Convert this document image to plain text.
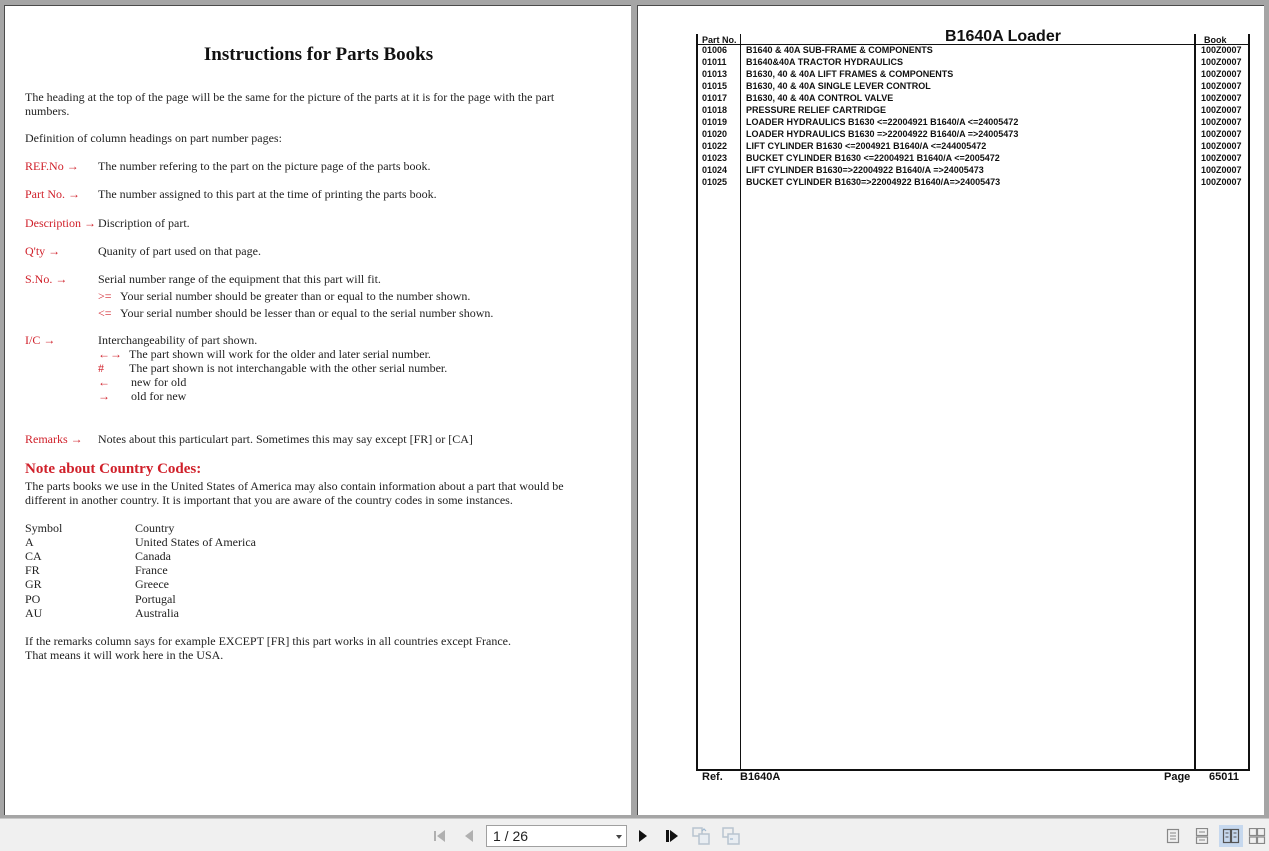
Instructions for Parts Books
The heading at the top of the page will be the same for the picture of the parts at it is for the page with the part numbers.
Definition of column headings on part number pages:
REF.No → The number refering to the part on the picture page of the parts book.
Part No. → The number assigned to this part at the time of printing the parts book.
Description → Discription of part.
Q'ty →	Quanity of part used on that page.
S.No. →	Serial number range of the equipment that this part will fit.
>= Your serial number should be greater than or equal to the number shown.
<= Your serial number should be lesser than or equal to the serial number shown.
I/C →	Interchangeability of part shown.
←→ The part shown will work for the older and later serial number.
# The part shown is not interchangable with the other serial number.
← new for old
→ old for new
Remarks → Notes about this particulart part. Sometimes this may say except [FR] or [CA]
Note about Country Codes:
The parts books we use in the United States of America may also contain information about a part that would be different in another country. It is important that you are aware of the country codes in some instances.
Symbol	Country
A	United States of America
CA	Canada
FR	France
GR	Greece
PO	Portugal
AU	Australia
If the remarks column says for example EXCEPT [FR] this part works in all countries except France.
That means it will work here in the USA.
B1640A Loader
Part No.	Book
01006 B1640 & 40A SUB-FRAME & COMPONENTS	100Z0007
01011 B1640&40A TRACTOR HYDRAULICS	100Z0007
01013 B1630, 40 & 40A LIFT FRAMES & COMPONENTS	100Z0007
01015 B1630, 40 & 40A SINGLE LEVER CONTROL	100Z0007
01017 B1630, 40 & 40A CONTROL VALVE	100Z0007
01018 PRESSURE RELIEF CARTRIDGE	100Z0007
01019 LOADER HYDRAULICS B1630 <=22004921 B1640/A <=24005472	100Z0007
01020 LOADER HYDRAULICS B1630 =>22004922 B1640/A =>24005473	100Z0007
01022 LIFT CYLINDER B1630 <=2004921 B1640/A <=244005472	100Z0007
01023 BUCKET CYLINDER B1630 <=22004921 B1640/A <=2005472	100Z0007
01024 LIFT CYLINDER B1630=>22004922 B1640/A =>24005473	100Z0007
01025 BUCKET CYLINDER B1630=>22004922 B1640/A=>24005473	100Z0007
Ref. B1640A	Page 65011
1 / 26
